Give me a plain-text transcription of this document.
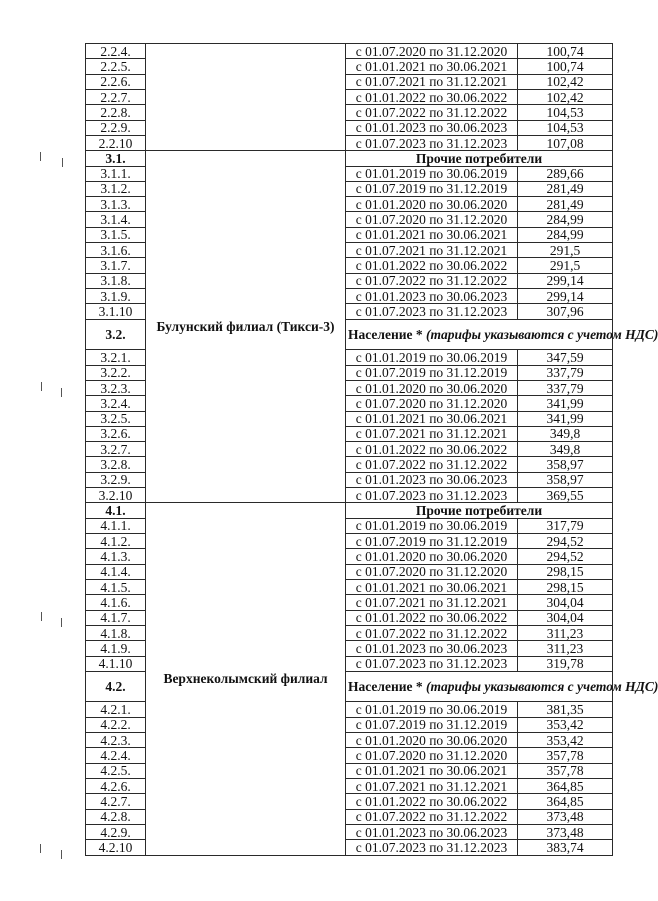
2.2.4.		с 01.07.2020 по 31.12.2020	100,74
2.2.5.		с 01.01.2021 по 30.06.2021	100,74
2.2.6.		с 01.07.2021 по 31.12.2021	102,42
2.2.7.		с 01.01.2022 по 30.06.2022	102,42
2.2.8.		с 01.07.2022 по 31.12.2022	104,53
2.2.9.		с 01.01.2023 по 30.06.2023	104,53
2.2.10		с 01.07.2023 по 31.12.2023	107,08
3.1.	Булунский филиал (Тикси-3)	Прочие потребители	
3.1.1.		с 01.01.2019 по 30.06.2019	289,66
3.1.2.		с 01.07.2019 по 31.12.2019	281,49
3.1.3.		с 01.01.2020 по 30.06.2020	281,49
3.1.4.		с 01.07.2020 по 31.12.2020	284,99
3.1.5.		с 01.01.2021 по 30.06.2021	284,99
3.1.6.		с 01.07.2021 по 31.12.2021	291,5
3.1.7.		с 01.01.2022 по 30.06.2022	291,5
3.1.8.		с 01.07.2022 по 31.12.2022	299,14
3.1.9.		с 01.01.2023 по 30.06.2023	299,14
3.1.10		с 01.07.2023 по 31.12.2023	307,96
3.2.		Население * (тарифы указываются с учетом НДС)	
3.2.1.		с 01.01.2019 по 30.06.2019	347,59
3.2.2.		с 01.07.2019 по 31.12.2019	337,79
3.2.3.		с 01.01.2020 по 30.06.2020	337,79
3.2.4.		с 01.07.2020 по 31.12.2020	341,99
3.2.5.		с 01.01.2021 по 30.06.2021	341,99
3.2.6.		с 01.07.2021 по 31.12.2021	349,8
3.2.7.		с 01.01.2022 по 30.06.2022	349,8
3.2.8.		с 01.07.2022 по 31.12.2022	358,97
3.2.9.		с 01.01.2023 по 30.06.2023	358,97
3.2.10		с 01.07.2023 по 31.12.2023	369,55
4.1.	Верхнеколымский филиал	Прочие потребители	
4.1.1.		с 01.01.2019 по 30.06.2019	317,79
4.1.2.		с 01.07.2019 по 31.12.2019	294,52
4.1.3.		с 01.01.2020 по 30.06.2020	294,52
4.1.4.		с 01.07.2020 по 31.12.2020	298,15
4.1.5.		с 01.01.2021 по 30.06.2021	298,15
4.1.6.		с 01.07.2021 по 31.12.2021	304,04
4.1.7.		с 01.01.2022 по 30.06.2022	304,04
4.1.8.		с 01.07.2022 по 31.12.2022	311,23
4.1.9.		с 01.01.2023 по 30.06.2023	311,23
4.1.10		с 01.07.2023 по 31.12.2023	319,78
4.2.		Население * (тарифы указываются с учетом НДС)	
4.2.1.		с 01.01.2019 по 30.06.2019	381,35
4.2.2.		с 01.07.2019 по 31.12.2019	353,42
4.2.3.		с 01.01.2020 по 30.06.2020	353,42
4.2.4.		с 01.07.2020 по 31.12.2020	357,78
4.2.5.		с 01.01.2021 по 30.06.2021	357,78
4.2.6.		с 01.07.2021 по 31.12.2021	364,85
4.2.7.		с 01.01.2022 по 30.06.2022	364,85
4.2.8.		с 01.07.2022 по 31.12.2022	373,48
4.2.9.		с 01.01.2023 по 30.06.2023	373,48
4.2.10		с 01.07.2023 по 31.12.2023	383,74
